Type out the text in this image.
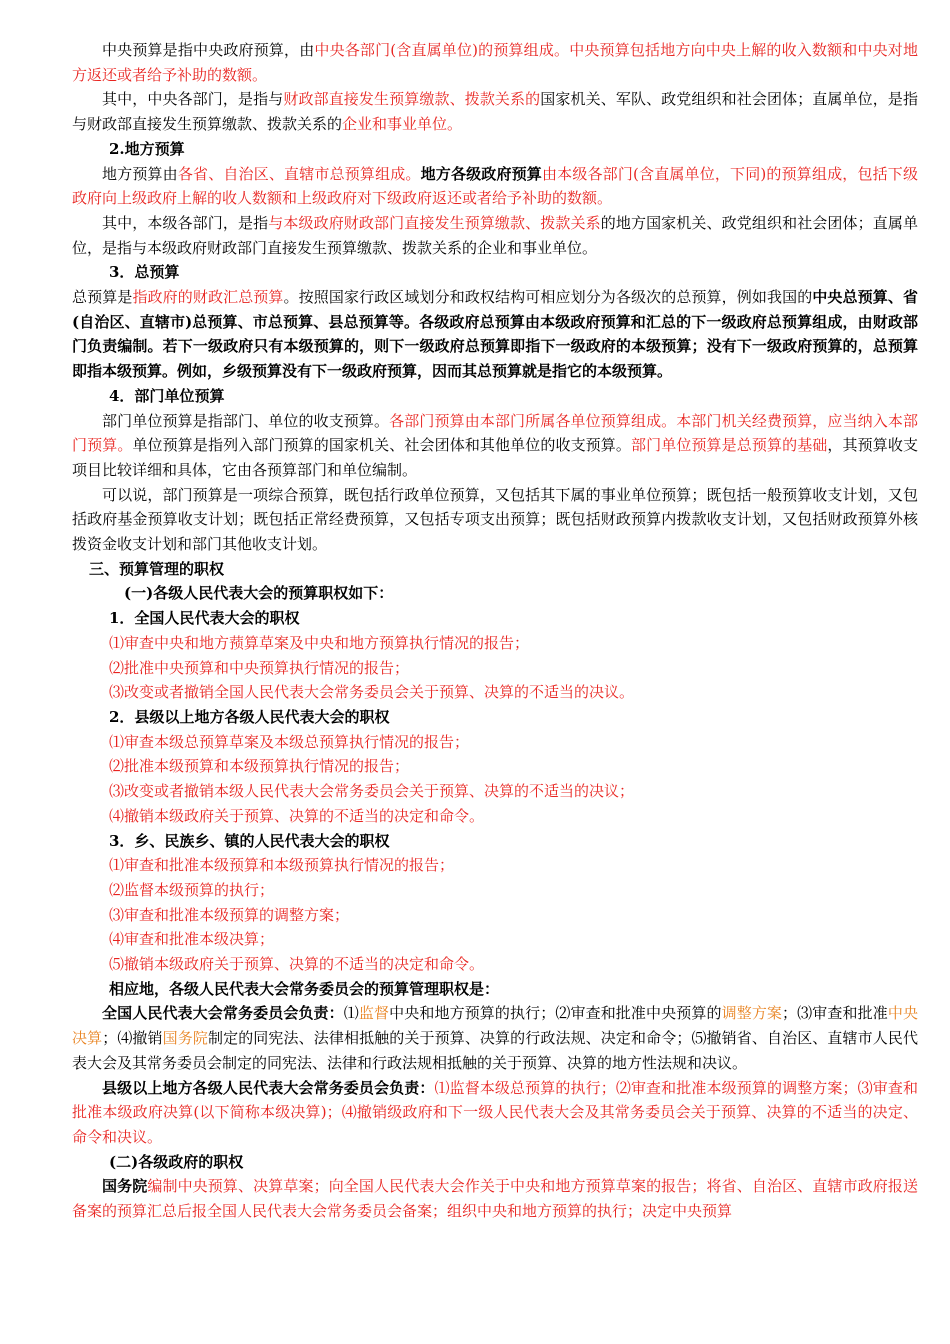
中央预算是指中央政府预算，由中央各部门(含直属单位)的预算组成。中央预算包括地方向中央上解的收入数额和中央对地方返还或者给予补助的数额。
其中，中央各部门，是指与财政部直接发生预算缴款、拨款关系的国家机关、军队、政党组织和社会团体；直属单位，是指与财政部直接发生预算缴款、拨款关系的企业和事业单位。
2.地方预算
地方预算由各省、自治区、直辖市总预算组成。地方各级政府预算由本级各部门(含直属单位，下同)的预算组成，包括下级政府向上级政府上解的收人数额和上级政府对下级政府返还或者给予补助的数额。
其中，本级各部门，是指与本级政府财政部门直接发生预算缴款、拨款关系的地方国家机关、政党组织和社会团体；直属单位，是指与本级政府财政部门直接发生预算缴款、拨款关系的企业和事业单位。
3．总预算
总预算是指政府的财政汇总预算。按照国家行政区域划分和政权结构可相应划分为各级次的总预算，例如我国的中央总预算、省(自治区、直辖市)总预算、市总预算、县总预算等。各级政府总预算由本级政府预算和汇总的下一级政府总预算组成，由财政部门负责编制。若下一级政府只有本级预算的，则下一级政府总预算即指下一级政府的本级预算；没有下一级政府预算的，总预算即指本级预算。例如，乡级预算没有下一级政府预算，因而其总预算就是指它的本级预算。
4．部门单位预算
部门单位预算是指部门、单位的收支预算。各部门预算由本部门所属各单位预算组成。本部门机关经费预算，应当纳入本部门预算。单位预算是指列入部门预算的国家机关、社会团体和其他单位的收支预算。部门单位预算是总预算的基础，其预算收支项目比较详细和具体，它由各预算部门和单位编制。
可以说，部门预算是一项综合预算，既包括行政单位预算，又包括其下属的事业单位预算；既包括一般预算收支计划，又包括政府基金预算收支计划；既包括正常经费预算，又包括专项支出预算；既包括财政预算内拨款收支计划，又包括财政预算外核拨资金收支计划和部门其他收支计划。
三、预算管理的职权
(一)各级人民代表大会的预算职权如下：
1．全国人民代表大会的职权
⑴审查中央和地方蓣算草案及中央和地方预算执行情况的报告；
⑵批准中央预算和中央预算执行情况的报告；
⑶改变或者撤销全国人民代表大会常务委员会关于预算、决算的不适当的决议。
2．县级以上地方各级人民代表大会的职权
⑴审查本级总预算草案及本级总预算执行情况的报告；
⑵批准本级预算和本级预算执行情况的报告；
⑶改变或者撤销本级人民代表大会常务委员会关于预算、决算的不适当的决议；
⑷撤销本级政府关于预算、决算的不适当的决定和命令。
3．乡、民族乡、镇的人民代表大会的职权
⑴审查和批准本级预算和本级预算执行情况的报告；
⑵监督本级预算的执行；
⑶审查和批准本级预算的调整方案；
⑷审查和批准本级决算；
⑸撤销本级政府关于预算、决算的不适当的决定和命令。
相应地，各级人民代表大会常务委员会的预算管理职权是：
全国人民代表大会常务委员会负责：⑴监督中央和地方预算的执行；⑵审查和批准中央预算的调整方案；⑶审查和批准中央决算；⑷撤销国务院制定的同宪法、法律相抵触的关于预算、决算的行政法规、决定和命令；⑸撤销省、自治区、直辖市人民代表大会及其常务委员会制定的同宪法、法律和行政法规相抵触的关于预算、决算的地方性法规和决议。
县级以上地方各级人民代表大会常务委员会负责：⑴监督本级总预算的执行；⑵审查和批准本级预算的调整方案；⑶审查和批准本级政府决算(以下简称本级决算)；⑷撤销级政府和下一级人民代表大会及其常务委员会关于预算、决算的不适当的决定、命令和决议。
(二)各级政府的职权
国务院编制中央预算、决算草案；向全国人民代表大会作关于中央和地方预算草案的报告；将省、自治区、直辖市政府报送备案的预算汇总后报全国人民代表大会常务委员会备案；组织中央和地方预算的执行；决定中央预算
